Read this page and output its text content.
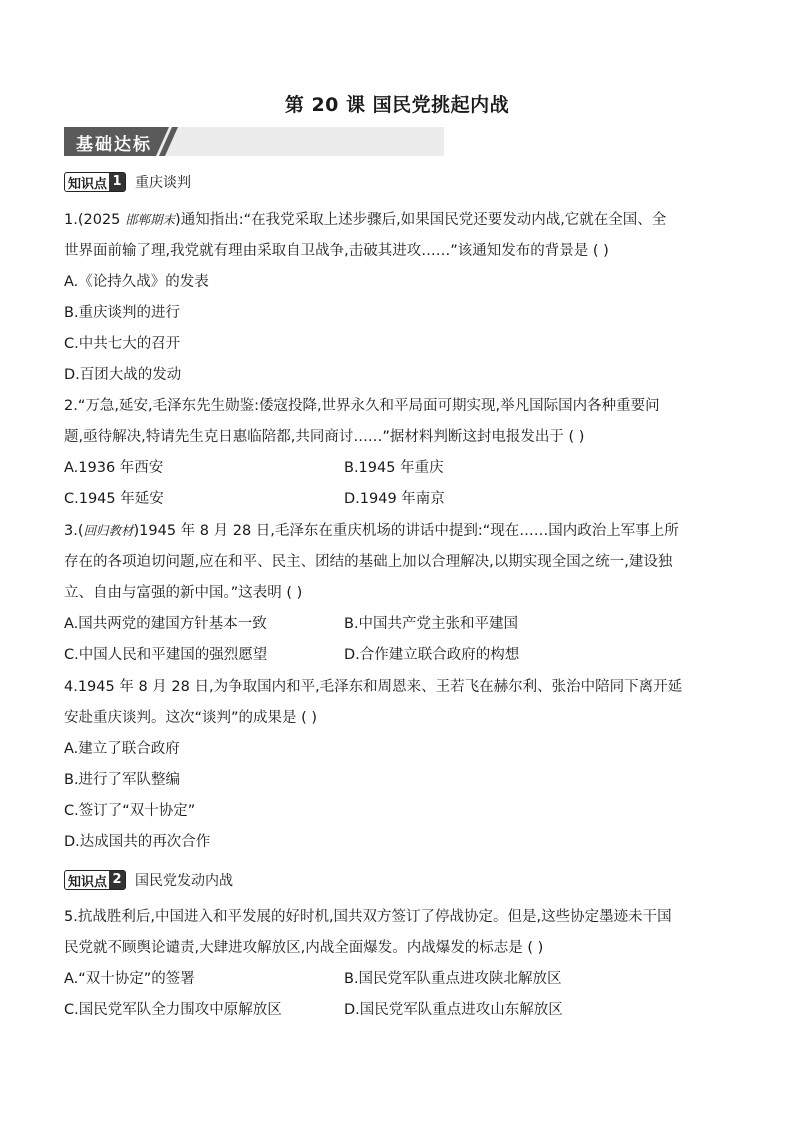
第 20 课 国民党挑起内战
基础达标
知识点 1 重庆谈判
1.(2025 邯郸期末)通知指出:“在我党采取上述步骤后,如果国民党还要发动内战,它就在全国、全
世界面前输了理,我党就有理由采取自卫战争,击破其进攻……”该通知发布的背景是 ( )
A.《论持久战》的发表
B.重庆谈判的进行
C.中共七大的召开
D.百团大战的发动
2.“万急,延安,毛泽东先生勋鉴:倭寇投降,世界永久和平局面可期实现,举凡国际国内各种重要问
题,亟待解决,特请先生克日惠临陪都,共同商讨……”据材料判断这封电报发出于 ( )
A.1936 年西安	B.1945 年重庆
C.1945 年延安	D.1949 年南京
3.(回归教材)1945 年 8 月 28 日,毛泽东在重庆机场的讲话中提到:“现在……国内政治上军事上所
存在的各项迫切问题,应在和平、民主、团结的基础上加以合理解决,以期实现全国之统一,建设独
立、自由与富强的新中国。”这表明 ( )
A.国共两党的建国方针基本一致	B.中国共产党主张和平建国
C.中国人民和平建国的强烈愿望	D.合作建立联合政府的构想
4.1945 年 8 月 28 日,为争取国内和平,毛泽东和周恩来、王若飞在赫尔利、张治中陪同下离开延
安赴重庆谈判。这次“谈判”的成果是 ( )
A.建立了联合政府
B.进行了军队整编
C.签订了“双十协定”
D.达成国共的再次合作
知识点 2 国民党发动内战
5.抗战胜利后,中国进入和平发展的好时机,国共双方签订了停战协定。但是,这些协定墨迹未干国
民党就不顾舆论谴责,大肆进攻解放区,内战全面爆发。内战爆发的标志是 ( )
A.“双十协定”的签署	B.国民党军队重点进攻陕北解放区
C.国民党军队全力围攻中原解放区	D.国民党军队重点进攻山东解放区
